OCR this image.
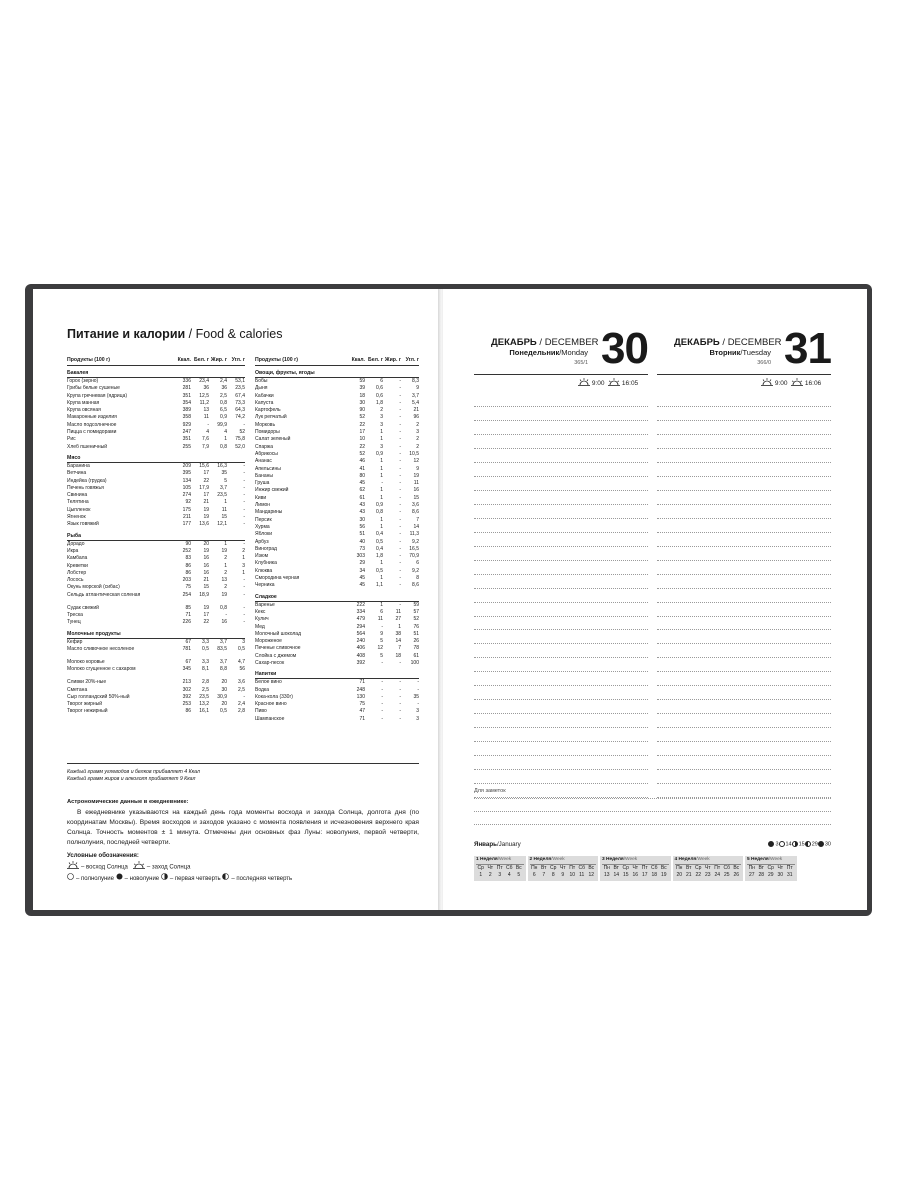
Питание и калории / Food & calories
Продукты (100 г)	Ккал. Бел. г Жир. г Угл. г
Бакалея
Горох (зерно)	336	23,4	2,4	53,1
Грибы белые сушеные	281	36	36	23,5
Крупа гречневая (ядрица)	351	12,5	2,5	67,4
Крупа манная	354	11,2	0,8	73,3
Крупа овсяная	389	13	6,5	64,3
Макаронные изделия	358	11	0,9	74,2
Масло подсолнечное	929	-	99,9	-
Пицца с помидорами	247	4	4	52
Рис	351	7,6	1	75,8
Хлеб пшеничный	255	7,9	0,8	52,0
Мясо
Баранина	209	15,6	16,3	-
Ветчина	395	17	35	-
Индейка (грудка)	134	22	5	-
Печень говяжья	105	17,9	3,7	-
Свинина	274	17	23,5	-
Телятина	92	21	1	-
Цыпленок	175	19	11	-
Ягненок	211	19	15	-
Язык говяжий	177	13,6	12,1	-
Рыба
Дорадо	90	20	1	-
Икра	252	19	19	2
Камбала	83	16	2	1
Креветки	86	16	1	3
Лобстер	86	16	2	1
Лосось	203	21	13	-
Окунь морской (сибас)	75	15	2	-
Сельдь атлантическая соленая	254	18,9	19	-
Судак свежий	85	19	0,8	-
Треска	71	17	-	-
Тунец	226	22	16	-
Молочные продукты
Кефир	67	3,3	3,7	3
Масло сливочное несоленое	781	0,5	83,5	0,5
Молоко коровье	67	3,3	3,7	4,7
Молоко сгущенное с сахаром	345	8,1	8,8	56
Сливки 20%-ные	213	2,8	20	3,6
Сметана	302	2,5	30	2,5
Сыр голландский 50%-ный	392	23,5	30,9	-
Творог жирный	253	13,2	20	2,4
Творог нежирный	86	16,1	0,5	2,8
Продукты (100 г)	Ккал. Бел. г Жир. г Угл. г
Овощи, фрукты, ягоды
Бобы	59	6	-	8,3
Дыня	39	0,6	-	9
Кабачки	18	0,6	-	3,7
Капуста	30	1,8	-	5,4
Картофель	90	2	-	21
Лук репчатый	52	3	-	96
Морковь	22	3	-	2
Помидоры	17	1	-	3
Салат зеленый	10	1	-	2
Спаржа	22	3	-	2
Абрикосы	52	0,9	-	10,5
Ананас	46	1	-	12
Апельсины	41	1	-	9
Бананы	80	1	-	19
Груша	45	-	-	11
Инжир свежий	62	1	-	16
Киви	61	1	-	15
Лимон	43	0,9	-	3,6
Мандарины	43	0,8	-	8,6
Персик	30	1	-	7
Хурма	56	1	-	14
Яблоки	51	0,4	-	11,3
Арбуз	40	0,5	-	9,2
Виноград	73	0,4	-	16,5
Изюм	303	1,8	-	70,9
Клубника	29	1	-	6
Клюква	34	0,5	-	9,2
Смородина черная	45	1	-	8
Черника	45	1,1	-	8,6
Сладкое
Варенье	222	1	-	59
Кекс	334	6	11	57
Кулич	479	11	27	52
Мед	294	-	1	76
Молочный шоколад	564	9	38	51
Мороженое	240	5	14	26
Печенье сливочное	406	12	7	78
Слойка с джемом	408	5	18	61
Сахар-песок	392	-	-	100
Напитки
Белое вино	71	-	-	-
Водка	248	-	-	-
Кока-кола (330г)	130	-	-	35
Красное вино	75	-	-	-
Пиво	47	-	-	3
Шампанское	71	-	-	3
Каждый грамм углеводов и белков прибавляет 4 Ккал
Каждый грамм жиров и алкоголя прибавляет 9 Ккал
Астрономические данные в ежедневнике:

В ежедневнике указываются на каждый день года моменты восхода и захода Солнца, долгота дня (по координатам Москвы). Время восходов и заходов указано с момента появления и исчезновения верхнего края Солнца. Точность моментов ± 1 минута. Отмечены дни основных фаз Луны: новолуния, первой четверти, полнолуния, последней четверти.

Условные обозначения:
– восход Солнца	– заход Солнца
– полнолуние – новолуние – первая четверть – последняя четверть
ДЕКАБРЬ / DECEMBER
Понедельник/Monday
365/1 30	ДЕКАБРЬ / DECEMBER
Вторник/Tuesday
366/0 31
9:00	16:05	9:00	16:06
Для заметок
Январь/January	3 14 15 29 30
1 Неделя/Week
Ср Чт Пт Сб Вс
1	2	3	4	5
2 Неделя/Week
Пн Вт Ср Чт Пт Сб Вс
6	7	8	9	10 11 12
3 Неделя/Week
Пн Вт Ср Чт Пт Сб Вс
13 14 15 16 17 18 19
4 Неделя/Week
Пн Вт Ср Чт Пт Сб Вс
20 21 22 23 24 25 26
5 Неделя/Week
Пн Вт Ср Чт Пт
27 28 29 30 31
